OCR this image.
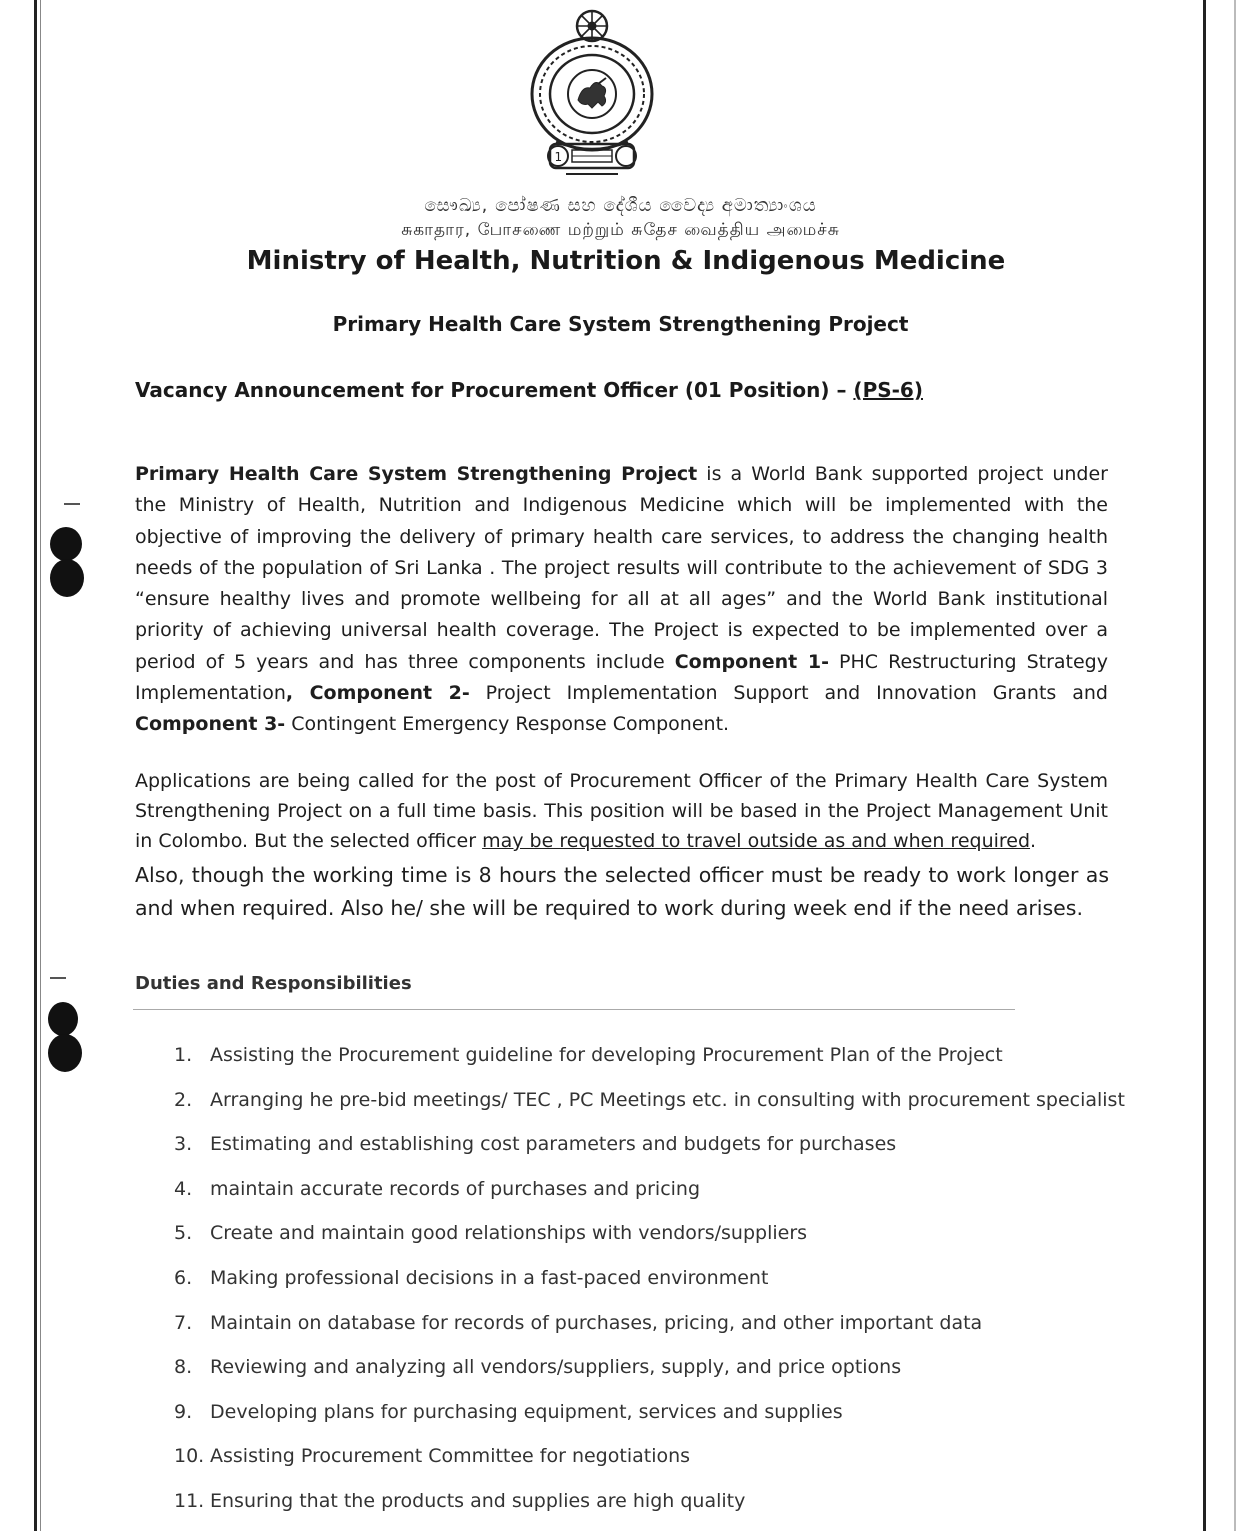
1
සෞඛ්‍ය, පෝෂණ සහ දේශීය වෛද්‍ය අමාත්‍යාංශය
சுகாதார, போசணை மற்றும் சுதேச வைத்திய அமைச்சு
Ministry of Health, Nutrition & Indigenous Medicine
Primary Health Care System Strengthening Project
Vacancy Announcement for Procurement Officer (01 Position) – (PS-6)
Primary Health Care System Strengthening Project is a World Bank supported project under the Ministry of Health, Nutrition and Indigenous Medicine which will be implemented with the objective of improving the delivery of primary health care services, to address the changing health needs of the population of Sri Lanka . The project results will contribute to the achievement of SDG 3 “ensure healthy lives and promote wellbeing for all at all ages” and the World Bank institutional priority of achieving universal health coverage. The Project is expected to be implemented over a period of 5 years and has three components include Component 1- PHC Restructuring Strategy Implementation, Component 2- Project Implementation Support and Innovation Grants and Component 3- Contingent Emergency Response Component.
Applications are being called for the post of Procurement Officer of the Primary Health Care System Strengthening Project on a full time basis. This position will be based in the Project Management Unit in Colombo. But the selected officer may be requested to travel outside as and when required.
Also, though the working time is 8 hours the selected officer must be ready to work longer as and when required. Also he/ she will be required to work during week end if the need arises.
Duties and Responsibilities
1. Assisting the Procurement guideline for developing Procurement Plan of the Project
2. Arranging he pre-bid meetings/ TEC , PC Meetings etc. in consulting with procurement specialist
3. Estimating and establishing cost parameters and budgets for purchases
4. maintain accurate records of purchases and pricing
5. Create and maintain good relationships with vendors/suppliers
6. Making professional decisions in a fast-paced environment
7. Maintain on database for records of purchases, pricing, and other important data
8. Reviewing and analyzing all vendors/suppliers, supply, and price options
9. Developing plans for purchasing equipment, services and supplies
10. Assisting Procurement Committee for negotiations
11. Ensuring that the products and supplies are high quality
